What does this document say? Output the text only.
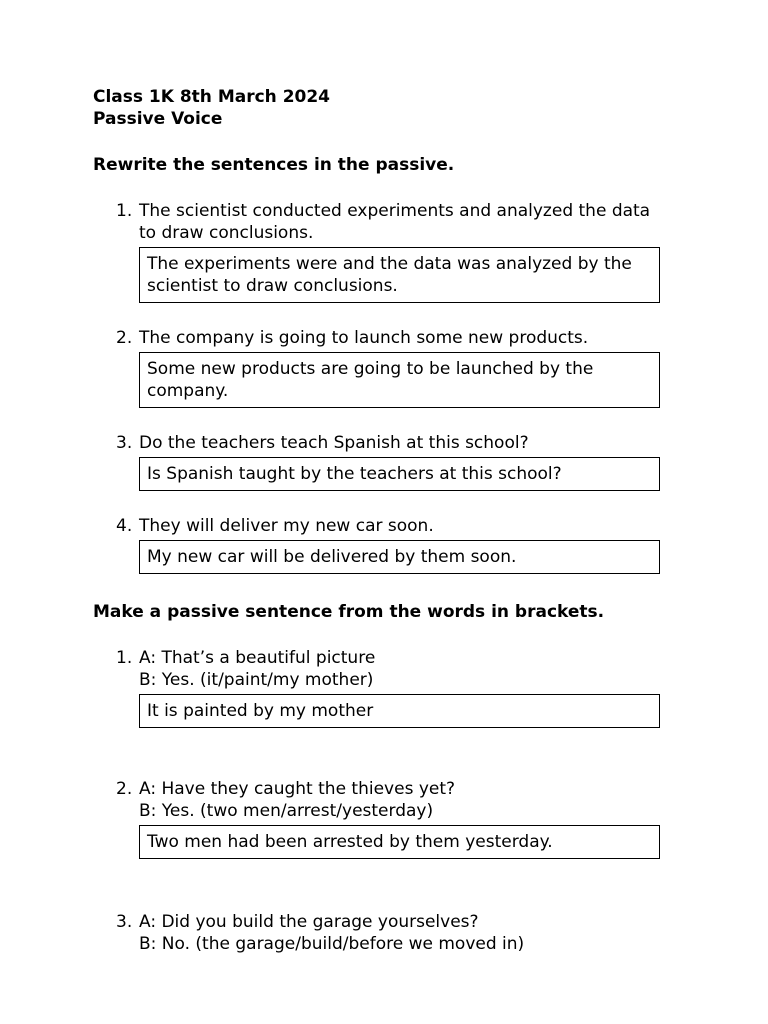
Class 1K 8th March 2024

Passive Voice

Rewrite the sentences in the passive.

1. The scientist conducted experiments and analyzed the data to draw conclusions.

The experiments were and the data was analyzed by the scientist to draw conclusions.
2. The company is going to launch some new products.

Some new products are going to be launched by the company.
3. Do the teachers teach Spanish at this school?

Is Spanish taught by the teachers at this school?
4. They will deliver my new car soon.

My new car will be delivered by them soon.

Make a passive sentence from the words in brackets.

1. A: That’s a beautiful picture

B: Yes. (it/paint/my mother)

It is painted by my mother
2. A: Have they caught the thieves yet?

B: Yes. (two men/arrest/yesterday)

Two men had been arrested by them yesterday.
3. A: Did you build the garage yourselves?

B: No. (the garage/build/before we moved in)
